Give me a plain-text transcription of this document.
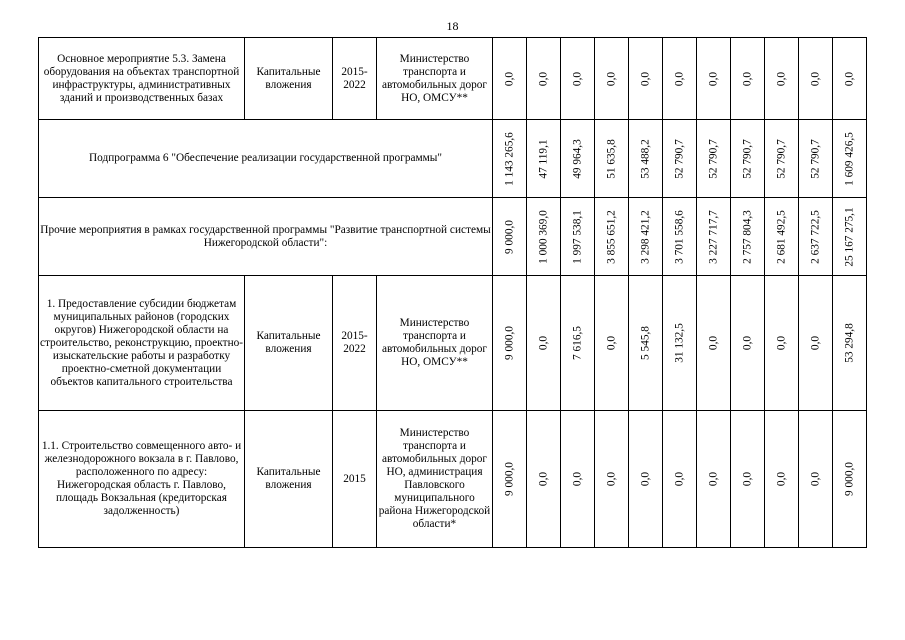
18
Основное мероприятие 5.3. Замена оборудования на объектах транспортной инфраструктуры, административных зданий и производственных базах	Капитальные вложения	2015-2022	Министерство транспорта и автомобильных дорог НО, ОМСУ**	0,0	0,0	0,0	0,0	0,0	0,0	0,0	0,0	0,0	0,0	0,0

Подпрограмма 6 "Обеспечение реализации государственной программы"				1 143 265,6	47 119,1	49 964,3	51 635,8	53 488,2	52 790,7	52 790,7	52 790,7	52 790,7	52 790,7	1 609 426,5

Прочие мероприятия в рамках государственной программы "Развитие транспортной системы Нижегородской области":				9 000,0	1 000 369,0	1 997 538,1	3 855 651,2	3 298 421,2	3 701 558,6	3 227 717,7	2 757 804,3	2 681 492,5	2 637 722,5	25 167 275,1

1. Предоставление субсидии бюджетам муниципальных районов (городских округов) Нижегородской области на строительство, реконструкцию, проектно-изыскательские работы и разработку проектно-сметной документации объектов капитального строительства	Капитальные вложения	2015-2022	Министерство транспорта и автомобильных дорог НО, ОМСУ**	9 000,0	0,0	7 616,5	0,0	5 545,8	31 132,5	0,0	0,0	0,0	0,0	53 294,8

1.1. Строительство совмещенного авто- и железнодорожного вокзала в г. Павлово, расположенного по адресу: Нижегородская область г. Павлово, площадь Вокзальная (кредиторская задолженность)	Капитальные вложения	2015	Министерство транспорта и автомобильных дорог НО, администрация Павловского муниципального района Нижегородской области*	9 000,0	0,0	0,0	0,0	0,0	0,0	0,0	0,0	0,0	0,0	9 000,0
